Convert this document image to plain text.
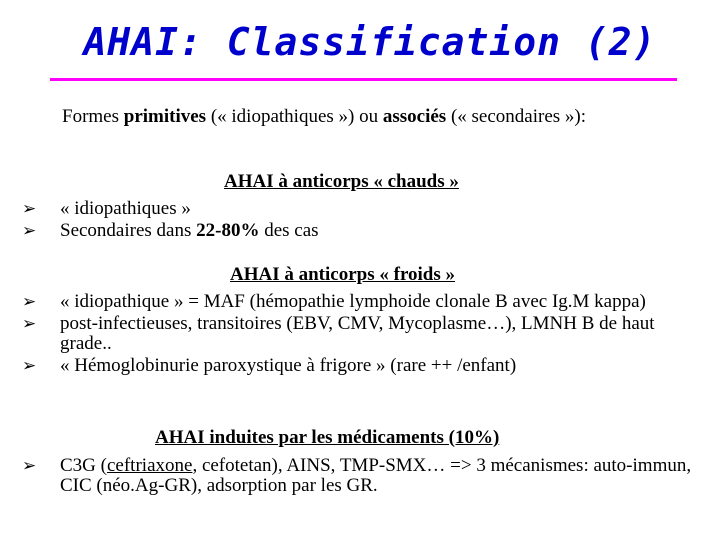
AHAI: Classification (2)
Formes primitives (« idiopathiques ») ou associés (« secondaires »):
AHAI à anticorps « chauds »
➢ « idiopathiques »
➢ Secondaires dans 22-80% des cas
AHAI à anticorps « froids »
➢ « idiopathique » = MAF (hémopathie lymphoide clonale B avec Ig.M kappa)
➢ post-infectieuses, transitoires (EBV, CMV, Mycoplasme…), LMNH B de haut grade..
➢ « Hémoglobinurie paroxystique à frigore » (rare ++ /enfant)
AHAI induites par les médicaments (10%)
➢ C3G (ceftriaxone, cefotetan), AINS, TMP-SMX… => 3 mécanismes: auto-immun, CIC (néo.Ag-GR), adsorption par les GR.
